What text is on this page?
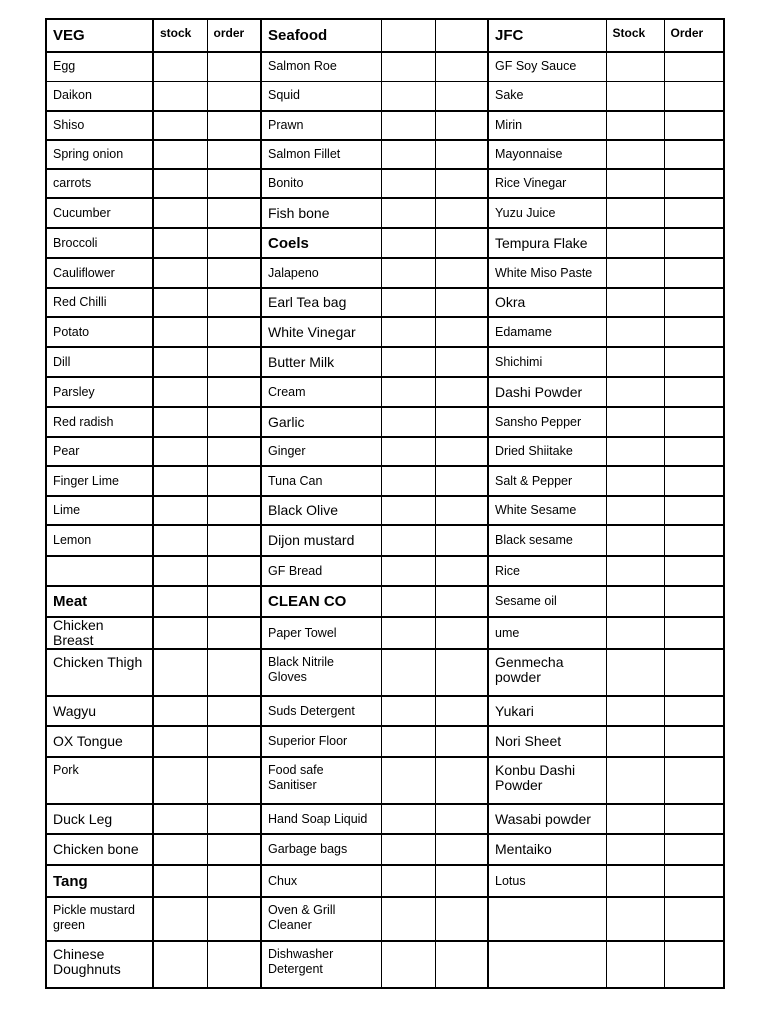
VEG	stock	order	Seafood			JFC	Stock	Order
Egg			Salmon Roe			GF Soy Sauce		
Daikon			Squid			Sake		
Shiso			Prawn			Mirin		
Spring onion			Salmon Fillet			Mayonnaise		
carrots			Bonito			Rice Vinegar		
Cucumber			Fish bone			Yuzu Juice		
Broccoli			Coels			Tempura Flake		
Cauliflower			Jalapeno			White Miso Paste		
Red Chilli			Earl Tea bag			Okra		
Potato			White Vinegar			Edamame		
Dill			Butter Milk			Shichimi		
Parsley			Cream			Dashi Powder		
Red radish			Garlic			Sansho Pepper		
Pear			Ginger			Dried Shiitake		
Finger Lime			Tuna Can			Salt & Pepper		
Lime			Black Olive			White Sesame		
Lemon			Dijon mustard			Black sesame		
			GF Bread			Rice		
Meat			CLEAN CO			Sesame oil		
Chicken Breast			Paper Towel			ume		
Chicken Thigh			Black Nitrile Gloves			Genmecha powder		
Wagyu			Suds Detergent			Yukari		
OX Tongue			Superior Floor			Nori Sheet		
Pork			Food safe Sanitiser			Konbu Dashi Powder		
Duck Leg			Hand Soap Liquid			Wasabi powder		
Chicken bone			Garbage bags			Mentaiko		
Tang			Chux			Lotus		
Pickle mustard green			Oven & Grill Cleaner					
Chinese Doughnuts			Dishwasher Detergent					
